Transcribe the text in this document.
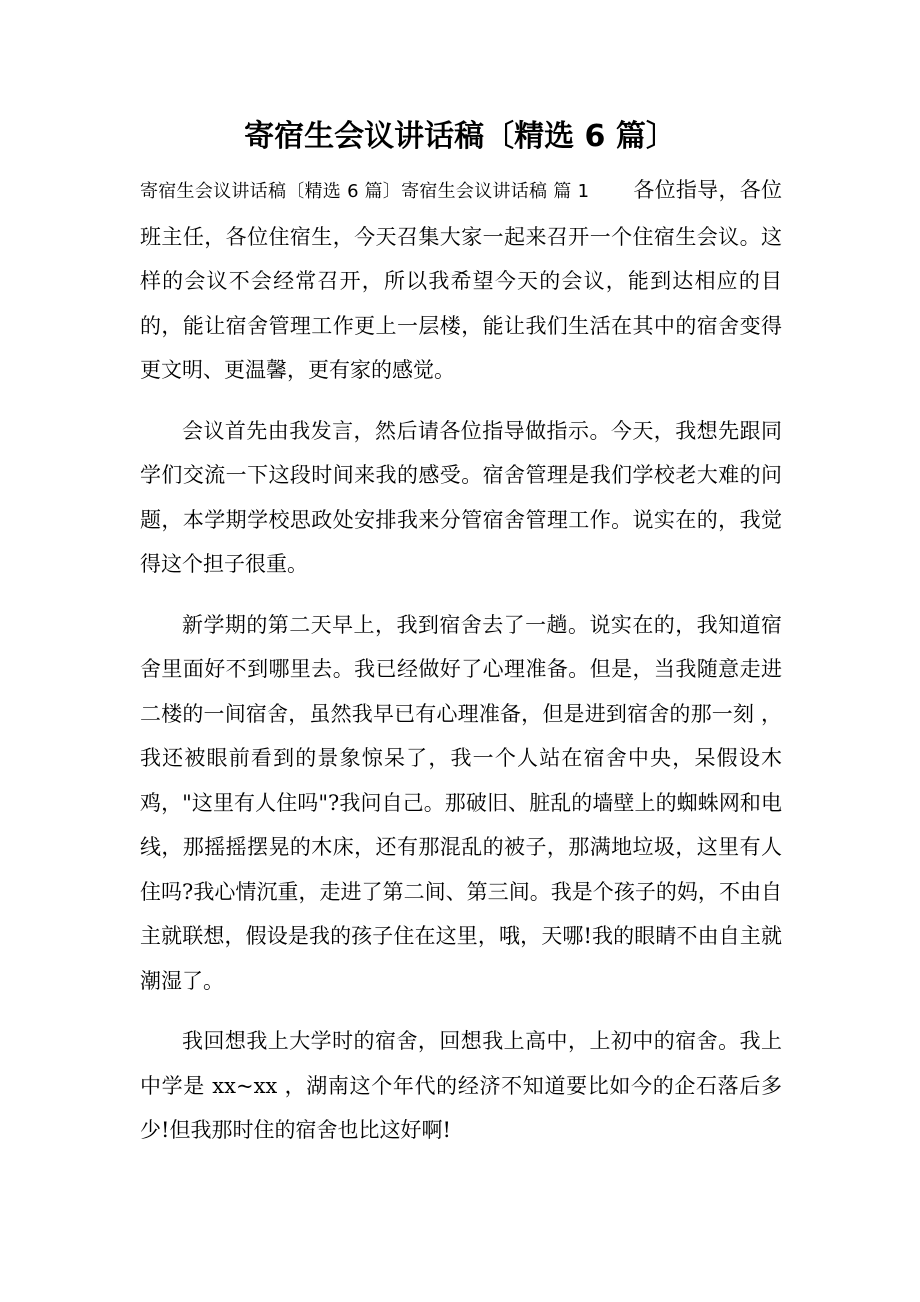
寄宿生会议讲话稿〔精选 6 篇〕

寄宿生会议讲话稿〔精选 6 篇〕寄宿生会议讲话稿 篇 1 各位指导，各位班主任，各位住宿生，今天召集大家一起来召开一个住宿生会议。这样的会议不会经常召开，所以我希望今天的会议，能到达相应的目的，能让宿舍管理工作更上一层楼，能让我们生活在其中的宿舍变得更文明、更温馨，更有家的感觉。

会议首先由我发言，然后请各位指导做指示。今天，我想先跟同学们交流一下这段时间来我的感受。宿舍管理是我们学校老大难的问题，本学期学校思政处安排我来分管宿舍管理工作。说实在的，我觉得这个担子很重。

新学期的第二天早上，我到宿舍去了一趟。说实在的，我知道宿舍里面好不到哪里去。我已经做好了心理准备。但是，当我随意走进二楼的一间宿舍，虽然我早已有心理准备，但是进到宿舍的那一刻 ，我还被眼前看到的景象惊呆了，我一个人站在宿舍中央，呆假设木鸡，"这里有人住吗"?我问自己。那破旧、脏乱的墙壁上的蜘蛛网和电线，那摇摇摆晃的木床，还有那混乱的被子，那满地垃圾，这里有人住吗?我心情沉重，走进了第二间、第三间。我是个孩子的妈，不由自主就联想，假设是我的孩子住在这里，哦，天哪!我的眼睛不由自主就潮湿了。

我回想我上大学时的宿舍，回想我上高中，上初中的宿舍。我上中学是 xx~xx ，湖南这个年代的经济不知道要比如今的企石落后多少!但我那时住的宿舍也比这好啊!
